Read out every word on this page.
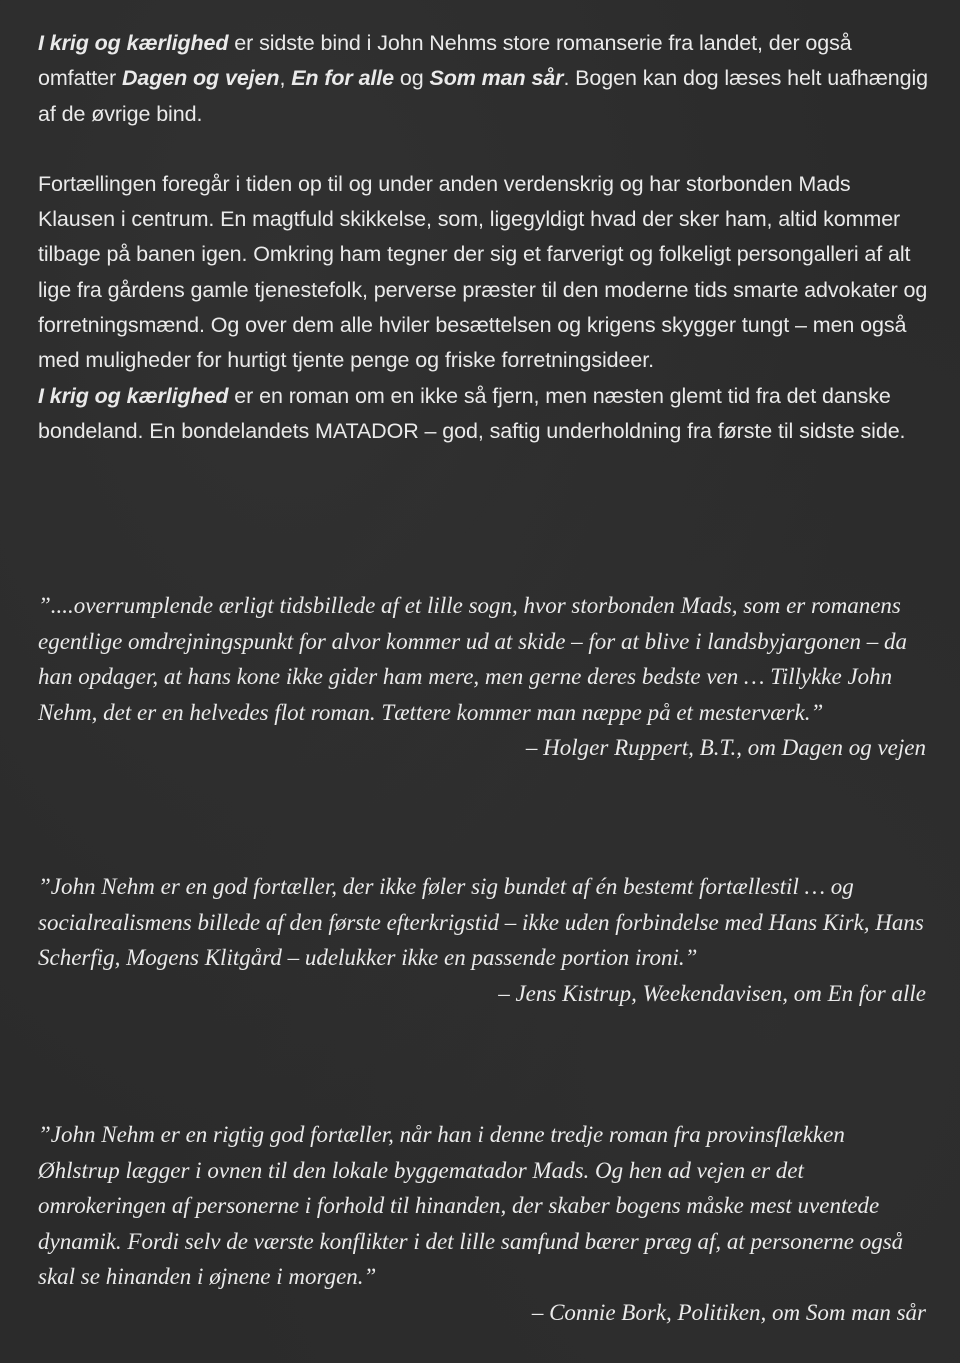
I krig og kærlighed er sidste bind i John Nehms store romanserie fra landet, der også omfatter Dagen og vejen, En for alle og Som man sår. Bogen kan dog læses helt uafhængig af de øvrige bind.

Fortællingen foregår i tiden op til og under anden verdenskrig og har storbonden Mads Klausen i centrum. En magtfuld skikkelse, som, ligegyldigt hvad der sker ham, altid kommer tilbage på banen igen. Omkring ham tegner der sig et farverigt og folkeligt persongalleri af alt lige fra gårdens gamle tjenestefolk, perverse præster til den moderne tids smarte advokater og forretningsmænd. Og over dem alle hviler besættelsen og krigens skygger tungt – men også med muligheder for hurtigt tjente penge og friske forretningsideer.

I krig og kærlighed er en roman om en ikke så fjern, men næsten glemt tid fra det danske bondeland. En bondelandets MATADOR – god, saftig underholdning fra første til sidste side.

”....overrumplende ærligt tidsbillede af et lille sogn, hvor storbonden Mads, som er romanens egentlige omdrejningspunkt for alvor kommer ud at skide – for at blive i landsbyjargonen – da han opdager, at hans kone ikke gider ham mere, men gerne deres bedste ven … Tillykke John Nehm, det er en helvedes flot roman. Tættere kommer man næppe på et mesterværk.”

– Holger Ruppert, B.T., om Dagen og vejen

”John Nehm er en god fortæller, der ikke føler sig bundet af én bestemt fortællestil … og socialrealismens billede af den første efterkrigstid – ikke uden forbindelse med Hans Kirk, Hans Scherfig, Mogens Klitgård – udelukker ikke en passende portion ironi.”

– Jens Kistrup, Weekendavisen, om En for alle

”John Nehm er en rigtig god fortæller, når han i denne tredje roman fra provinsflækken Øhlstrup lægger i ovnen til den lokale byggematador Mads. Og hen ad vejen er det omrokeringen af personerne i forhold til hinanden, der skaber bogens måske mest uventede dynamik. Fordi selv de værste konflikter i det lille samfund bærer præg af, at personerne også skal se hinanden i øjnene i morgen.”

– Connie Bork, Politiken, om Som man sår
